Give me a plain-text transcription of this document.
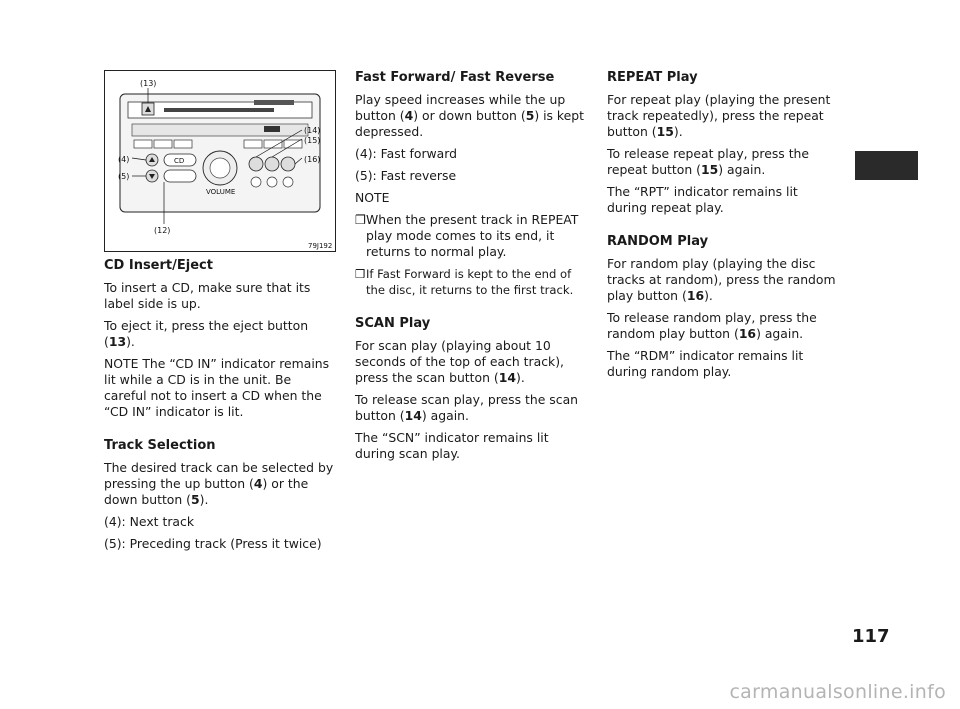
CD
VOLUME
(13)
(14)
(15)
(16)
(4)
(5)
(12)
79J192
CD Insert/Eject

To insert a CD, make sure that its label side is up.

To eject it, press the eject button (13).

NOTE The “CD IN” indicator remains lit while a CD is in the unit. Be careful not to insert a CD when the “CD IN” indicator is lit.

Track Selection

The desired track can be selected by pressing the up button (4) or the down button (5).

(4): Next track

(5): Preceding track (Press it twice)

Fast Forward/ Fast Reverse

Play speed increases while the up button (4) or down button (5) is kept depressed.

(4): Fast forward

(5): Fast reverse

NOTE

❒ When the present track in REPEAT play mode comes to its end, it returns to normal play.
❒ If Fast Forward is kept to the end of the disc, it returns to the first track.
SCAN Play

For scan play (playing about 10 seconds of the top of each track), press the scan button (14).

To release scan play, press the scan button (14) again.

The “SCN” indicator remains lit during scan play.

REPEAT Play

For repeat play (playing the present track repeatedly), press the repeat button (15).

To release repeat play, press the repeat button (15) again.

The “RPT” indicator remains lit during repeat play.

RANDOM Play

For random play (playing the disc tracks at random), press the random play button (16).

To release random play, press the random play button (16) again.

The “RDM” indicator remains lit during random play.

117
carmanualsonline.info
